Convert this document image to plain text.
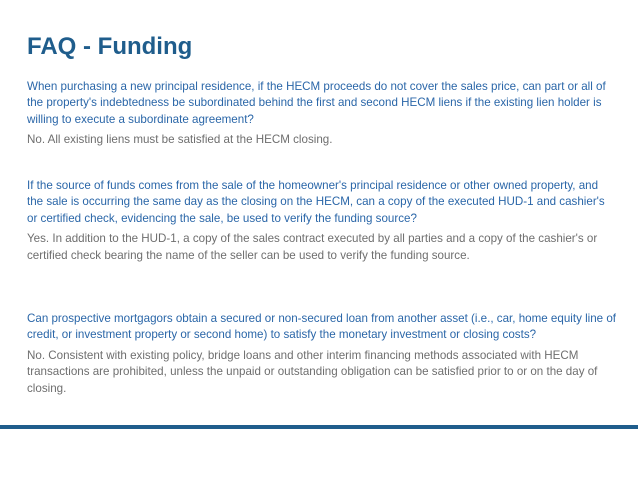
FAQ - Funding

When purchasing a new principal residence, if the HECM proceeds do not cover the sales price, can part or all of the property's indebtedness be subordinated behind the first and second HECM liens if the existing lien holder is willing to execute a subordinate agreement?

No. All existing liens must be satisfied at the HECM closing.

If the source of funds comes from the sale of the homeowner's principal residence or other owned property, and the sale is occurring the same day as the closing on the HECM, can a copy of the executed HUD-1 and cashier's or certified check, evidencing the sale, be used to verify the funding source?

Yes. In addition to the HUD-1, a copy of the sales contract executed by all parties and a copy of the cashier's or certified check bearing the name of the seller can be used to verify the funding source.

Can prospective mortgagors obtain a secured or non-secured loan from another asset (i.e., car, home equity line of credit, or investment property or second home) to satisfy the monetary investment or closing costs?

No. Consistent with existing policy, bridge loans and other interim financing methods associated with HECM transactions are prohibited, unless the unpaid or outstanding obligation can be satisfied prior to or on the day of closing.
